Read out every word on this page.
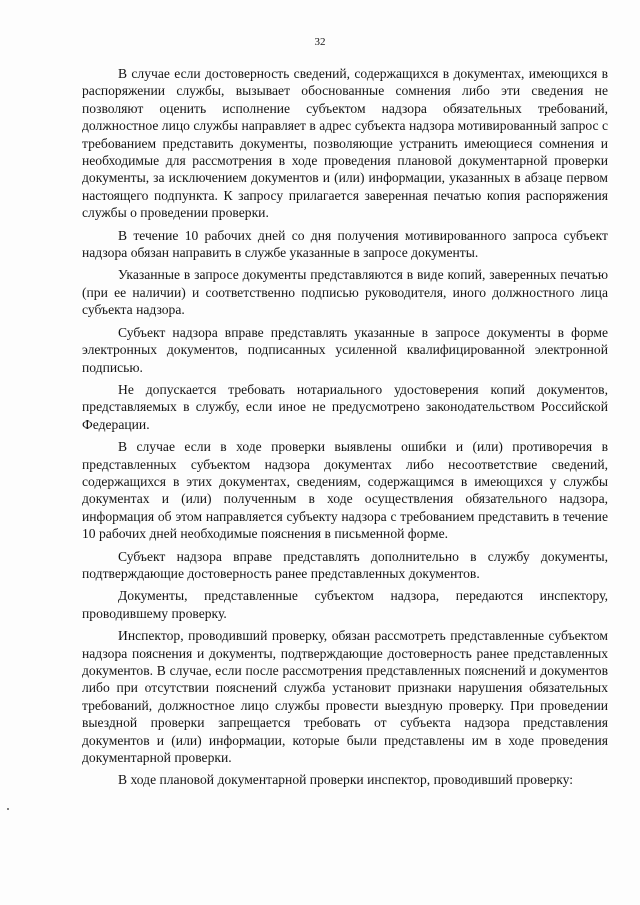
32

В случае если достоверность сведений, содержащихся в документах, имеющихся в распоряжении службы, вызывает обоснованные сомнения либо эти сведения не позволяют оценить исполнение субъектом надзора обязательных требований, должностное лицо службы направляет в адрес субъекта надзора мотивированный запрос с требованием представить документы, позволяющие устранить имеющиеся сомнения и необходимые для рассмотрения в ходе проведения плановой документарной проверки документы, за исключением документов и (или) информации, указанных в абзаце первом настоящего подпункта. К запросу прилагается заверенная печатью копия распоряжения службы о проведении проверки.

В течение 10 рабочих дней со дня получения мотивированного запроса субъект надзора обязан направить в службе указанные в запросе документы.

Указанные в запросе документы представляются в виде копий, заверенных печатью (при ее наличии) и соответственно подписью руководителя, иного должностного лица субъекта надзора.

Субъект надзора вправе представлять указанные в запросе документы в форме электронных документов, подписанных усиленной квалифицированной электронной подписью.

Не допускается требовать нотариального удостоверения копий документов, представляемых в службу, если иное не предусмотрено законодательством Российской Федерации.

В случае если в ходе проверки выявлены ошибки и (или) противоречия в представленных субъектом надзора документах либо несоответствие сведений, содержащихся в этих документах, сведениям, содержащимся в имеющихся у службы документах и (или) полученным в ходе осуществления обязательного надзора, информация об этом направляется субъекту надзора с требованием представить в течение 10 рабочих дней необходимые пояснения в письменной форме.

Субъект надзора вправе представлять дополнительно в службу документы, подтверждающие достоверность ранее представленных документов.

Документы, представленные субъектом надзора, передаются инспектору, проводившему проверку.

Инспектор, проводивший проверку, обязан рассмотреть представленные субъектом надзора пояснения и документы, подтверждающие достоверность ранее представленных документов. В случае, если после рассмотрения представленных пояснений и документов либо при отсутствии пояснений служба установит признаки нарушения обязательных требований, должностное лицо службы провести выездную проверку. При проведении выездной проверки запрещается требовать от субъекта надзора представления документов и (или) информации, которые были представлены им в ходе проведения документарной проверки.

В ходе плановой документарной проверки инспектор, проводивший проверку:
